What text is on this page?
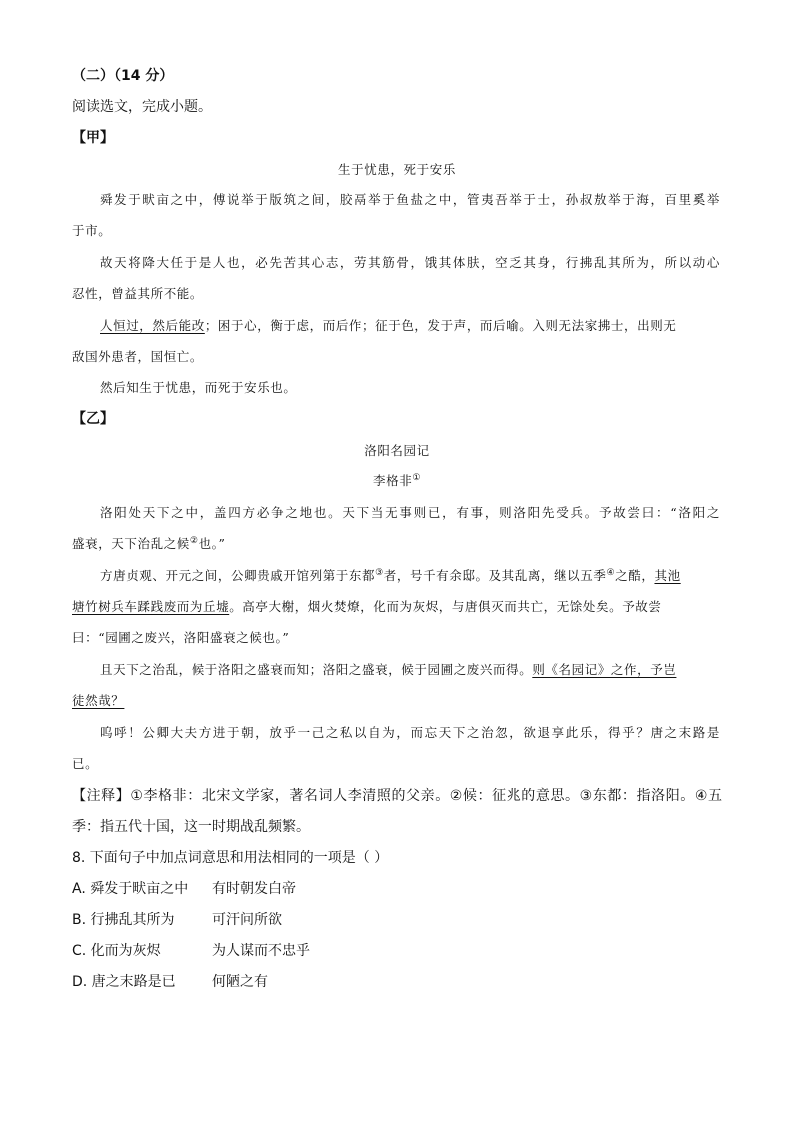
（二）（14 分）
阅读选文，完成小题。
【甲】
生于忧患，死于安乐
舜发于畎亩之中，傅说举于版筑之间，胶鬲举于鱼盐之中，管夷吾举于士，孙叔敖举于海，百里奚举
于市。
故天将降大任于是人也，必先苦其心志，劳其筋骨，饿其体肤，空乏其身，行拂乱其所为，所以动心
忍性，曾益其所不能。
人恒过，然后能改；困于心，衡于虑，而后作；征于色，发于声，而后喻。入则无法家拂士，出则无
敌国外患者，国恒亡。
然后知生于忧患，而死于安乐也。
【乙】
洛阳名园记
李格非①
洛阳处天下之中，盖四方必争之地也。天下当无事则已，有事，则洛阳先受兵。予故尝曰：“洛阳之
盛衰，天下治乱之候②也。”
方唐贞观、开元之间，公卿贵戚开馆列第于东都③者，号千有余邸。及其乱离，继以五季④之酷，其池
塘竹树兵车蹂践废而为丘墟。高亭大榭，烟火焚燎，化而为灰烬，与唐俱灭而共亡，无馀处矣。予故尝
曰：“园圃之废兴，洛阳盛衰之候也。”
且天下之治乱，候于洛阳之盛衰而知；洛阳之盛衰，候于园圃之废兴而得。则《名园记》之作，予岂
徒然哉？
呜呼！公卿大夫方进于朝，放乎一己之私以自为，而忘天下之治忽，欲退享此乐，得乎？唐之末路是
已。
【注释】①李格非：北宋文学家，著名词人李清照的父亲。②候：征兆的意思。③东都：指洛阳。④五
季：指五代十国，这一时期战乱频繁。
8. 下面句子中加点词意思和用法相同的一项是（ ）
A. 舜发于畎亩之中 有时朝发白帝
B. 行拂乱其所为	可汗问所欲
C. 化而为灰烬	为人谋而不忠乎
D. 唐之末路是已	何陋之有
